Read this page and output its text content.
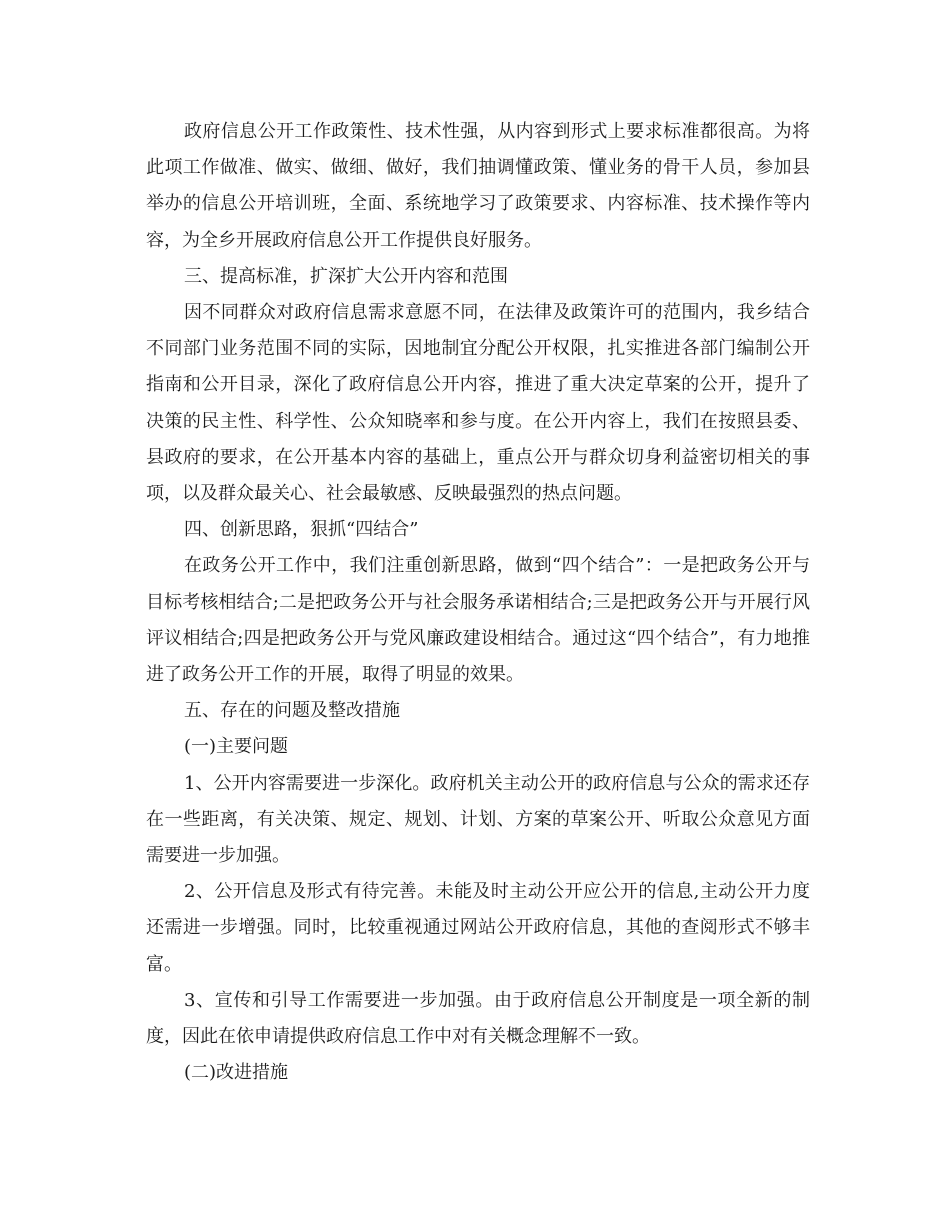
政府信息公开工作政策性、技术性强，从内容到形式上要求标准都很高。为将此项工作做准、做实、做细、做好，我们抽调懂政策、懂业务的骨干人员，参加县举办的信息公开培训班，全面、系统地学习了政策要求、内容标准、技术操作等内容，为全乡开展政府信息公开工作提供良好服务。

三、提高标准，扩深扩大公开内容和范围

因不同群众对政府信息需求意愿不同，在法律及政策许可的范围内，我乡结合不同部门业务范围不同的实际，因地制宜分配公开权限，扎实推进各部门编制公开指南和公开目录，深化了政府信息公开内容，推进了重大决定草案的公开，提升了决策的民主性、科学性、公众知晓率和参与度。在公开内容上，我们在按照县委、县政府的要求，在公开基本内容的基础上，重点公开与群众切身利益密切相关的事项，以及群众最关心、社会最敏感、反映最强烈的热点问题。

四、创新思路，狠抓“四结合”

在政务公开工作中，我们注重创新思路，做到“四个结合”：一是把政务公开与目标考核相结合;二是把政务公开与社会服务承诺相结合;三是把政务公开与开展行风评议相结合;四是把政务公开与党风廉政建设相结合。通过这“四个结合”，有力地推进了政务公开工作的开展，取得了明显的效果。

五、存在的问题及整改措施

(一)主要问题

1、公开内容需要进一步深化。政府机关主动公开的政府信息与公众的需求还存在一些距离，有关决策、规定、规划、计划、方案的草案公开、听取公众意见方面需要进一步加强。

2、公开信息及形式有待完善。未能及时主动公开应公开的信息,主动公开力度还需进一步增强。同时，比较重视通过网站公开政府信息，其他的查阅形式不够丰富。

3、宣传和引导工作需要进一步加强。由于政府信息公开制度是一项全新的制度，因此在依申请提供政府信息工作中对有关概念理解不一致。

(二)改进措施
